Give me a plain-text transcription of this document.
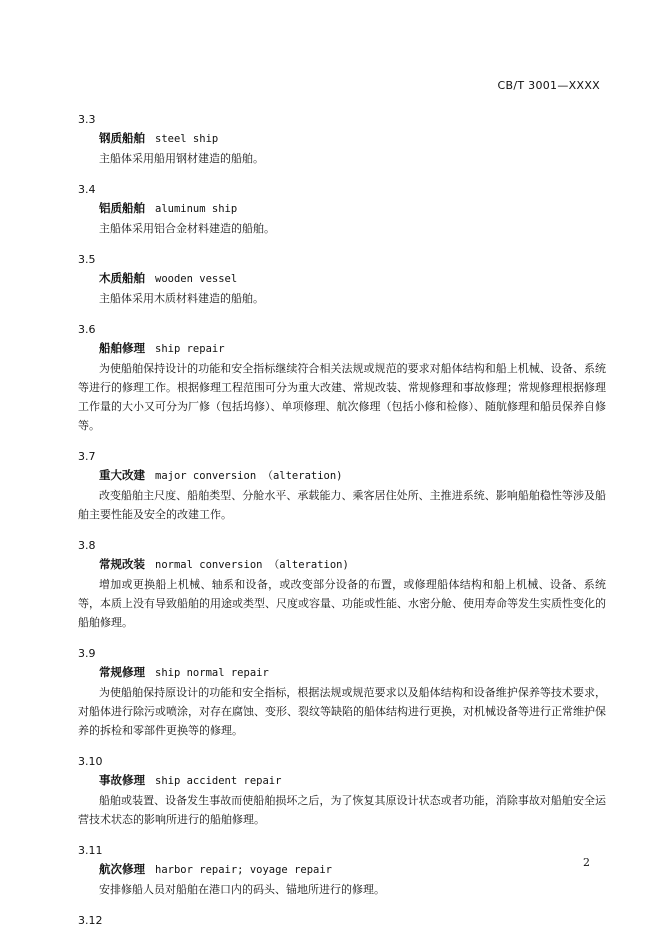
CB/T 3001—XXXX
3.3
钢质船舶 steel ship
主船体采用船用钢材建造的船舶。
3.4
铝质船舶 aluminum ship
主船体采用铝合金材料建造的船舶。
3.5
木质船舶 wooden vessel
主船体采用木质材料建造的船舶。
3.6
船舶修理 ship repair
为使船舶保持设计的功能和安全指标继续符合相关法规或规范的要求对船体结构和船上机械、设备、系统等进行的修理工作。根据修理工程范围可分为重大改建、常规改装、常规修理和事故修理；常规修理根据修理工作量的大小又可分为厂修（包括坞修）、单项修理、航次修理（包括小修和检修）、随航修理和船员保养自修等。
3.7
重大改建 major conversion （alteration)
改变船舶主尺度、船舶类型、分舱水平、承载能力、乘客居住处所、主推进系统、影响船舶稳性等涉及船舶主要性能及安全的改建工作。
3.8
常规改装 normal conversion （alteration)
增加或更换船上机械、轴系和设备，或改变部分设备的布置，或修理船体结构和船上机械、设备、系统等，本质上没有导致船舶的用途或类型、尺度或容量、功能或性能、水密分舱、使用寿命等发生实质性变化的船舶修理。
3.9
常规修理 ship normal repair
为使船舶保持原设计的功能和安全指标，根据法规或规范要求以及船体结构和设备维护保养等技术要求，对船体进行除污或喷涂，对存在腐蚀、变形、裂纹等缺陷的船体结构进行更换，对机械设备等进行正常维护保养的拆检和零部件更换等的修理。
3.10
事故修理 ship accident repair
船舶或装置、设备发生事故而使船舶损坏之后，为了恢复其原设计状态或者功能，消除事故对船舶安全运营技术状态的影响所进行的船舶修理。
3.11
航次修理 harbor repair; voyage repair
安排修船人员对船舶在港口内的码头、锚地所进行的修理。
3.12
2
